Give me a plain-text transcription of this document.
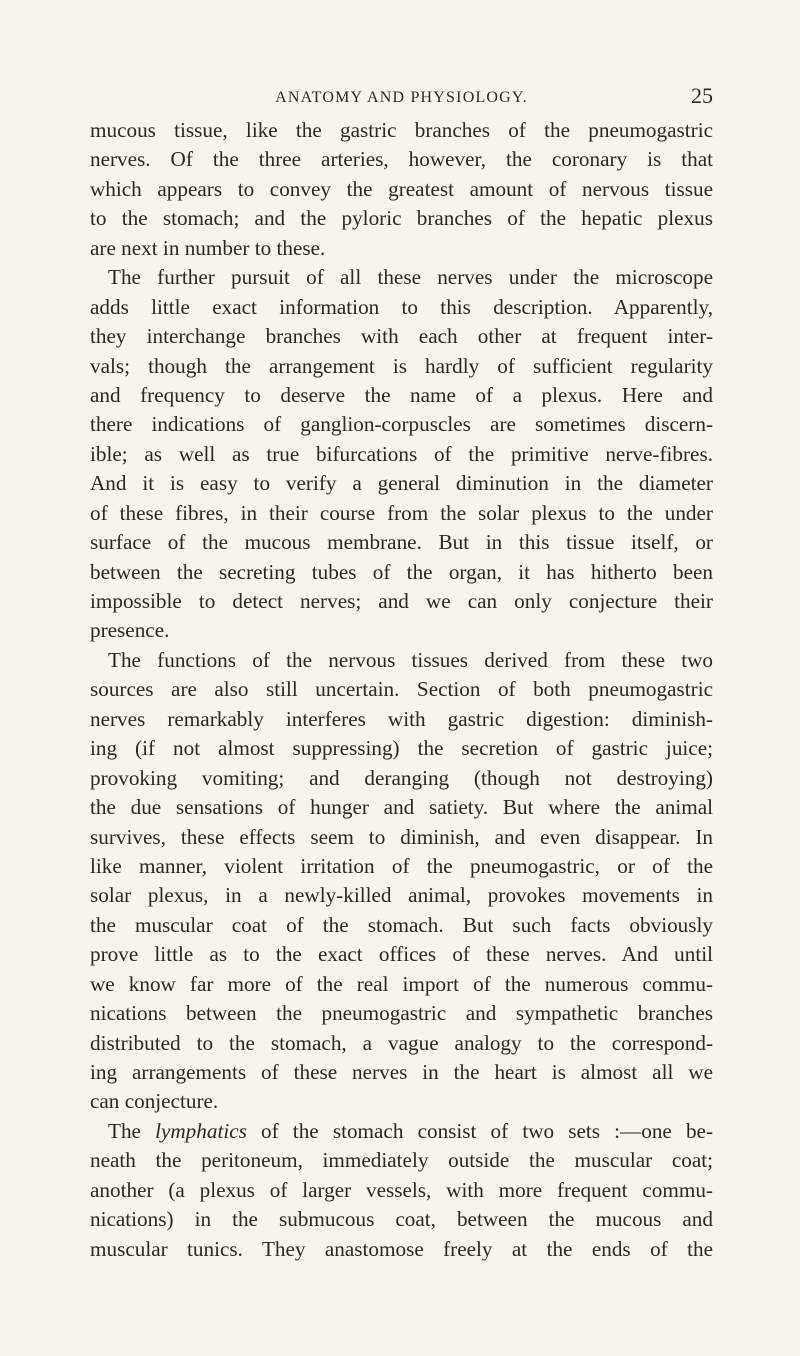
ANATOMY AND PHYSIOLOGY.	25
mucous tissue, like the gastric branches of the pneumogastric
nerves. Of the three arteries, however, the coronary is that
which appears to convey the greatest amount of nervous tissue
to the stomach; and the pyloric branches of the hepatic plexus
are next in number to these.
The further pursuit of all these nerves under the microscope
adds little exact information to this description. Apparently,
they interchange branches with each other at frequent inter-
vals; though the arrangement is hardly of sufficient regularity
and frequency to deserve the name of a plexus. Here and
there indications of ganglion-corpuscles are sometimes discern-
ible; as well as true bifurcations of the primitive nerve-fibres.
And it is easy to verify a general diminution in the diameter
of these fibres, in their course from the solar plexus to the under
surface of the mucous membrane. But in this tissue itself, or
between the secreting tubes of the organ, it has hitherto been
impossible to detect nerves; and we can only conjecture their
presence.
The functions of the nervous tissues derived from these two
sources are also still uncertain. Section of both pneumogastric
nerves remarkably interferes with gastric digestion: diminish-
ing (if not almost suppressing) the secretion of gastric juice;
provoking vomiting; and deranging (though not destroying)
the due sensations of hunger and satiety. But where the animal
survives, these effects seem to diminish, and even disappear. In
like manner, violent irritation of the pneumogastric, or of the
solar plexus, in a newly-killed animal, provokes movements in
the muscular coat of the stomach. But such facts obviously
prove little as to the exact offices of these nerves. And until
we know far more of the real import of the numerous commu-
nications between the pneumogastric and sympathetic branches
distributed to the stomach, a vague analogy to the correspond-
ing arrangements of these nerves in the heart is almost all we
can conjecture.
The lymphatics of the stomach consist of two sets :—one be-
neath the peritoneum, immediately outside the muscular coat;
another (a plexus of larger vessels, with more frequent commu-
nications) in the submucous coat, between the mucous and
muscular tunics. They anastomose freely at the ends of the
